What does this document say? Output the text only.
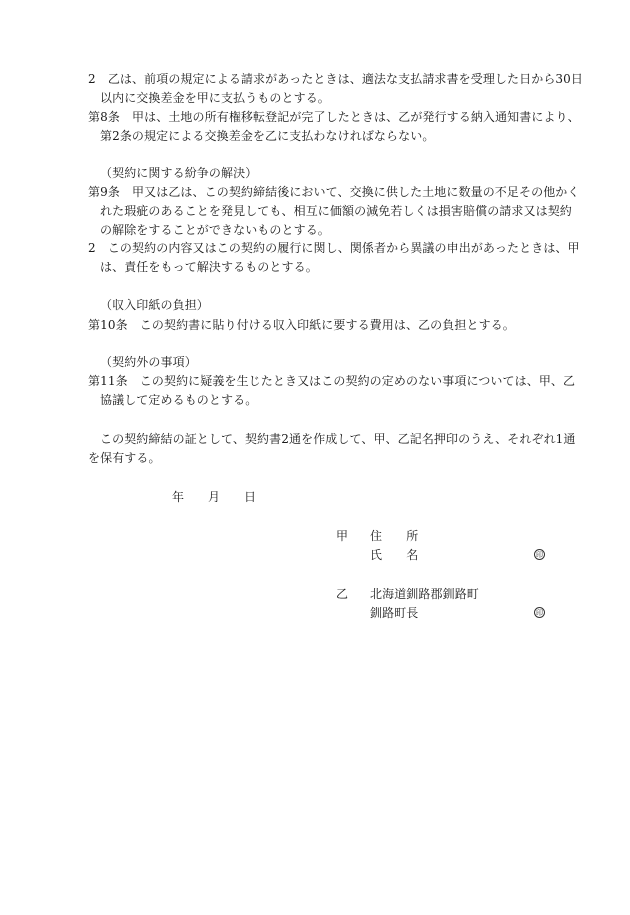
2　乙は、前項の規定による請求があったときは、適法な支払請求書を受理した日から30日
以内に交換差金を甲に支払うものとする。
第8条　甲は、土地の所有権移転登記が完了したときは、乙が発行する納入通知書により、
第2条の規定による交換差金を乙に支払わなければならない。
（契約に関する紛争の解決）
第9条　甲又は乙は、この契約締結後において、交換に供した土地に数量の不足その他かく
れた瑕疵のあることを発見しても、相互に価額の減免若しくは損害賠償の請求又は契約
の解除をすることができないものとする。
2　この契約の内容又はこの契約の履行に関し、関係者から異議の申出があったときは、甲
は、責任をもって解決するものとする。
（収入印紙の負担）
第10条　この契約書に貼り付ける収入印紙に要する費用は、乙の負担とする。
（契約外の事項）
第11条　この契約に疑義を生じたとき又はこの契約の定めのない事項については、甲、乙
協議して定めるものとする。
この契約締結の証として、契約書2通を作成して、甲、乙記名押印のうえ、それぞれ1通
を保有する。
年 月 日
甲 住　　所
氏　　名	印
乙 北海道釧路郡釧路町
釧路町長	印
